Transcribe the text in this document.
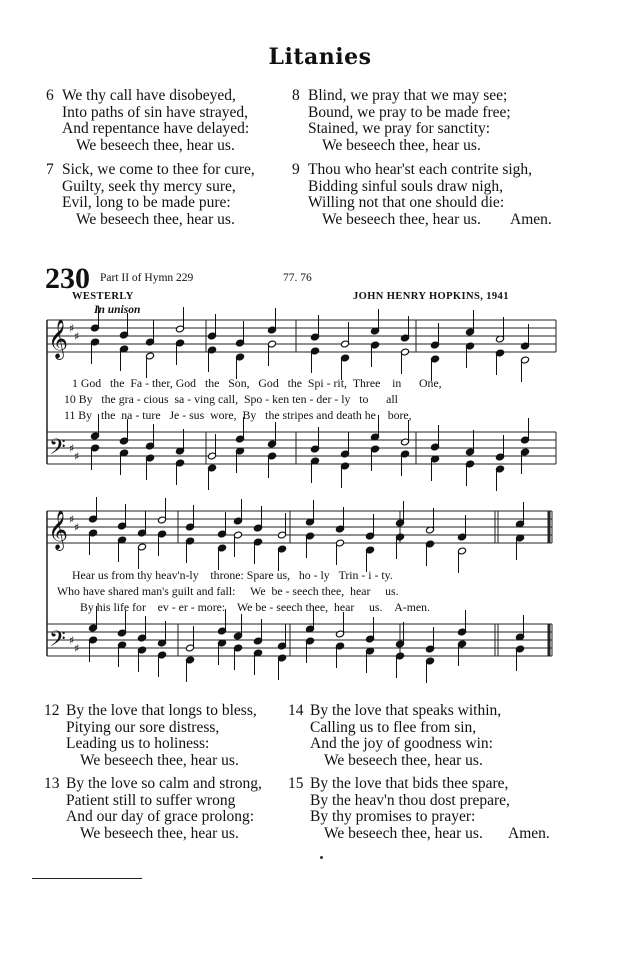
Litanies
6 We thy call have disobeyed,
Into paths of sin have strayed,
And repentance have delayed:
We beseech thee, hear us.
8 Blind, we pray that we may see;
Bound, we pray to be made free;
Stained, we pray for sanctity:
We beseech thee, hear us.
7 Sick, we come to thee for cure,
Guilty, seek thy mercy sure,
Evil, long to be made pure:
We beseech thee, hear us.
9 Thou who hear'st each contrite sigh,
Bidding sinful souls draw nigh,
Willing not that one should die:
We beseech thee, hear us.	Amen.
230 Part II of Hymn 229	77. 76
WESTERLY	JOHN HENRY HOPKINS, 1941
In unison
𝄞
𝄢
♯
♯
♯
♯
𝄞
𝄢
♯
♯
♯
♯
1 God the Fa - ther, God the Son, God the Spi - rit, Three in One,
10 By the gra - cious sa - ving call, Spo - ken ten - der - ly to all
11 By the na - ture Je - sus wore, By the stripes and death he bore,
Hear us from thy heav'n-ly throne: Spare us, ho - ly Trin - i - ty.
Who have shared man's guilt and fall: We be - seech thee, hear us.
By his life for ev - er - more: We be - seech thee, hear us. A-men.
12 By the love that longs to bless,
Pitying our sore distress,
Leading us to holiness:
We beseech thee, hear us.
14 By the love that speaks within,
Calling us to flee from sin,
And the joy of goodness win:
We beseech thee, hear us.
13 By the love so calm and strong,
Patient still to suffer wrong
And our day of grace prolong:
We beseech thee, hear us.
15 By the love that bids thee spare,
By the heav'n thou dost prepare,
By thy promises to prayer:
We beseech thee, hear us.	Amen.
